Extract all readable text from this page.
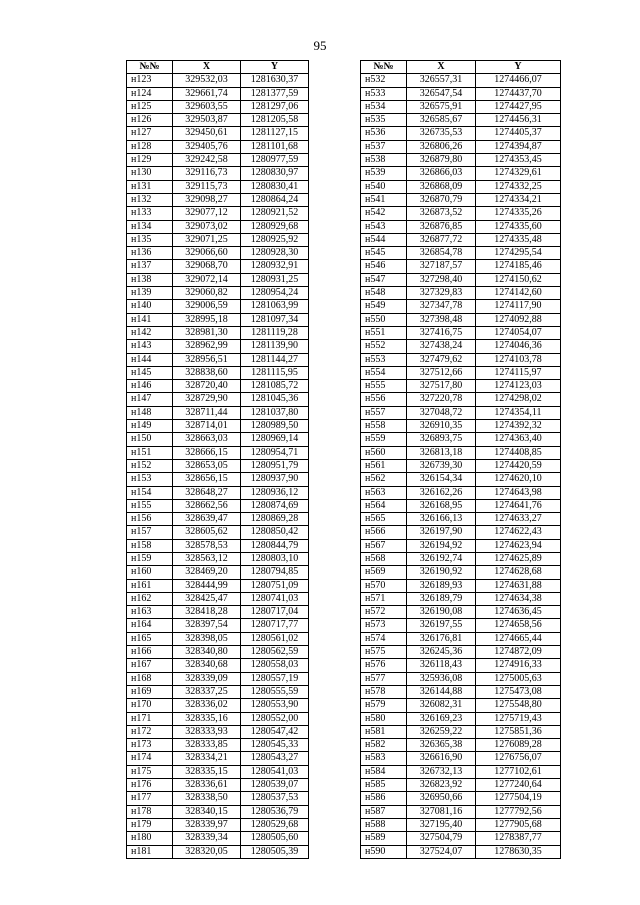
95
№№	X	Y
н123	329532,03	1281630,37
н124	329661,74	1281377,59
н125	329603,55	1281297,06
н126	329503,87	1281205,58
н127	329450,61	1281127,15
н128	329405,76	1281101,68
н129	329242,58	1280977,59
н130	329116,73	1280830,97
н131	329115,73	1280830,41
н132	329098,27	1280864,24
н133	329077,12	1280921,52
н134	329073,02	1280929,68
н135	329071,25	1280925,92
н136	329066,60	1280928,30
н137	329068,70	1280932,91
н138	329072,14	1280931,25
н139	329060,82	1280954,24
н140	329006,59	1281063,99
н141	328995,18	1281097,34
н142	328981,30	1281119,28
н143	328962,99	1281139,90
н144	328956,51	1281144,27
н145	328838,60	1281115,95
н146	328720,40	1281085,72
н147	328729,90	1281045,36
н148	328711,44	1281037,80
н149	328714,01	1280989,50
н150	328663,03	1280969,14
н151	328666,15	1280954,71
н152	328653,05	1280951,79
н153	328656,15	1280937,90
н154	328648,27	1280936,12
н155	328662,56	1280874,69
н156	328639,47	1280869,28
н157	328605,62	1280850,42
н158	328578,53	1280844,79
н159	328563,12	1280803,10
н160	328469,20	1280794,85
н161	328444,99	1280751,09
н162	328425,47	1280741,03
н163	328418,28	1280717,04
н164	328397,54	1280717,77
н165	328398,05	1280561,02
н166	328340,80	1280562,59
н167	328340,68	1280558,03
н168	328339,09	1280557,19
н169	328337,25	1280555,59
н170	328336,02	1280553,90
н171	328335,16	1280552,00
н172	328333,93	1280547,42
н173	328333,85	1280545,33
н174	328334,21	1280543,27
н175	328335,15	1280541,03
н176	328336,61	1280539,07
н177	328338,50	1280537,53
н178	328340,15	1280536,79
н179	328339,97	1280529,68
н180	328339,34	1280505,60
н181	328320,05	1280505,39
№№	X	Y
н532	326557,31	1274466,07
н533	326547,54	1274437,70
н534	326575,91	1274427,95
н535	326585,67	1274456,31
н536	326735,53	1274405,37
н537	326806,26	1274394,87
н538	326879,80	1274353,45
н539	326866,03	1274329,61
н540	326868,09	1274332,25
н541	326870,79	1274334,21
н542	326873,52	1274335,26
н543	326876,85	1274335,60
н544	326877,72	1274335,48
н545	326854,78	1274295,54
н546	327187,57	1274185,46
н547	327298,40	1274150,62
н548	327329,83	1274142,60
н549	327347,78	1274117,90
н550	327398,48	1274092,88
н551	327416,75	1274054,07
н552	327438,24	1274046,36
н553	327479,62	1274103,78
н554	327512,66	1274115,97
н555	327517,80	1274123,03
н556	327220,78	1274298,02
н557	327048,72	1274354,11
н558	326910,35	1274392,32
н559	326893,75	1274363,40
н560	326813,18	1274408,85
н561	326739,30	1274420,59
н562	326154,34	1274620,10
н563	326162,26	1274643,98
н564	326168,95	1274641,76
н565	326166,13	1274633,27
н566	326197,90	1274622,43
н567	326194,92	1274623,94
н568	326192,74	1274625,89
н569	326190,92	1274628,68
н570	326189,93	1274631,88
н571	326189,79	1274634,38
н572	326190,08	1274636,45
н573	326197,55	1274658,56
н574	326176,81	1274665,44
н575	326245,36	1274872,09
н576	326118,43	1274916,33
н577	325936,08	1275005,63
н578	326144,88	1275473,08
н579	326082,31	1275548,80
н580	326169,23	1275719,43
н581	326259,22	1275851,36
н582	326365,38	1276089,28
н583	326616,90	1276756,07
н584	326732,13	1277102,61
н585	326823,92	1277240,64
н586	326950,66	1277504,19
н587	327081,16	1277792,56
н588	327195,40	1277905,68
н589	327504,79	1278387,77
н590	327524,07	1278630,35
